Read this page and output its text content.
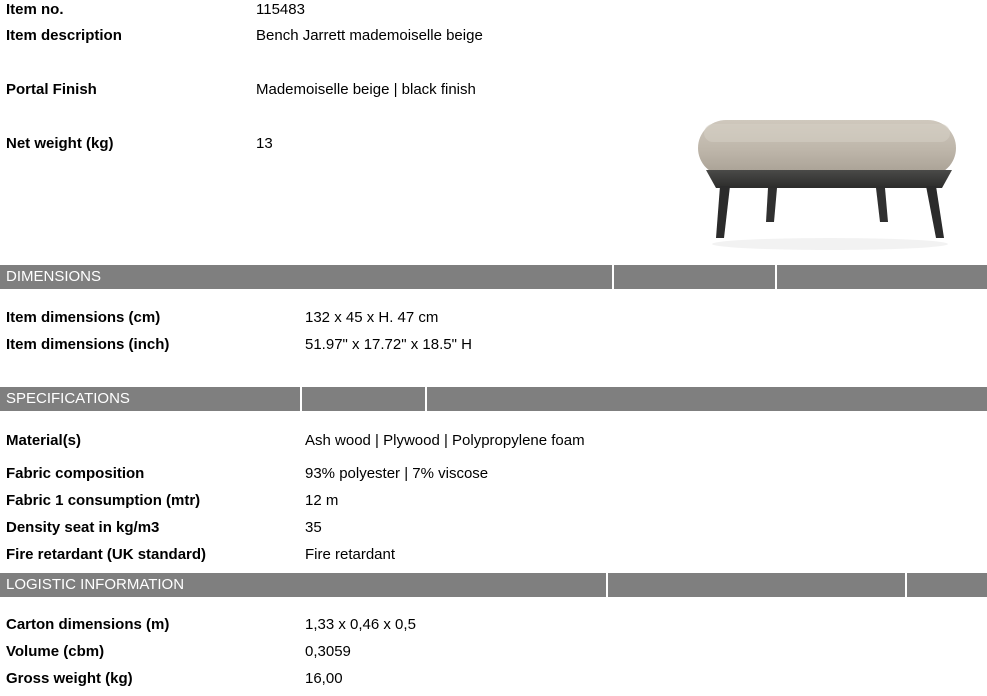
Item no.	115483
Item description	Bench Jarrett mademoiselle beige
Portal Finish	Mademoiselle beige | black finish
Net weight (kg)	13
DIMENSIONS
Item dimensions (cm)	132 x 45 x H. 47 cm
Item dimensions (inch)	51.97" x 17.72" x 18.5" H
SPECIFICATIONS
Material(s)	Ash wood | Plywood | Polypropylene foam
Fabric composition	93% polyester | 7% viscose
Fabric 1 consumption (mtr)	12 m
Density seat in kg/m3	35
Fire retardant (UK standard)	Fire retardant
LOGISTIC INFORMATION
Carton dimensions (m)	1,33 x 0,46 x 0,5
Volume (cbm)	0,3059
Gross weight (kg)	16,00
